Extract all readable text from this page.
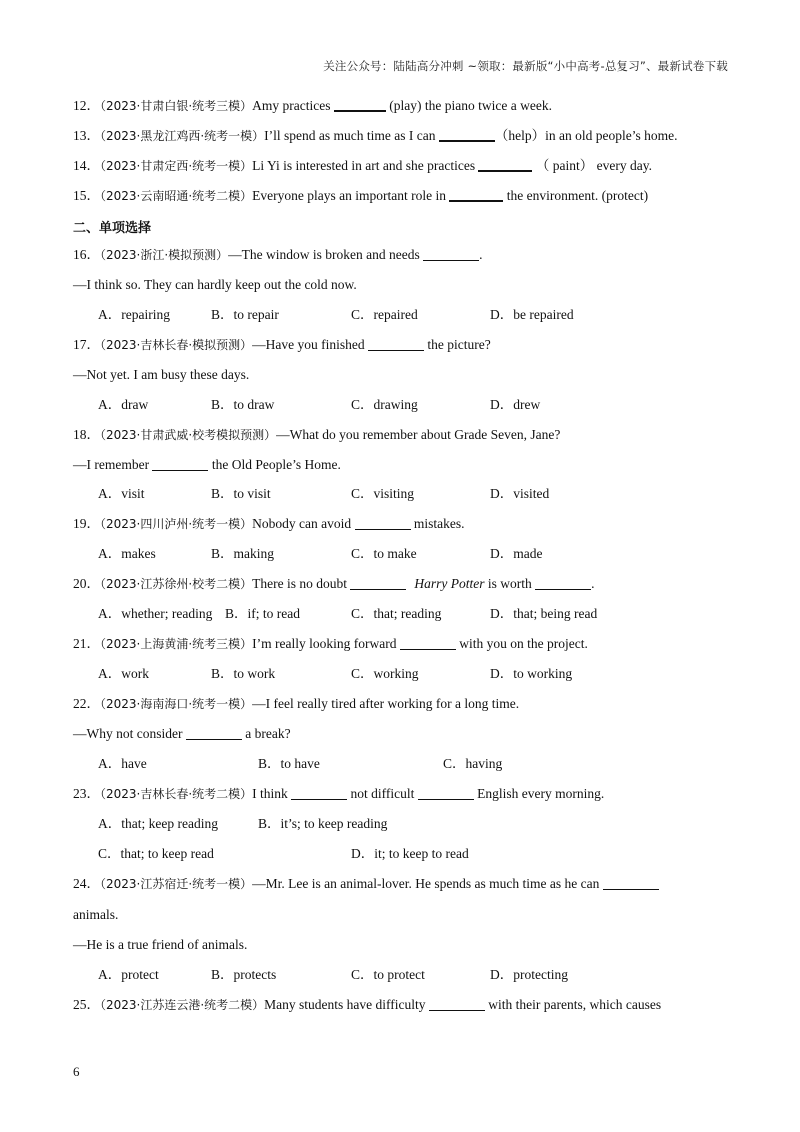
关注公众号：陆陆高分冲刺 ~领取：最新版“小中高考-总复习”、最新试卷下载
12．（2023·甘肃白银·统考三模）Amy practices	(play) the piano twice a week.
13．（2023·黑龙江鸡西·统考一模）I’ll spend as much time as I can	（help）in an old people’s home.
14．（2023·甘肃定西·统考一模）Li Yi is interested in art and she practices	（ paint） every day.
15．（2023·云南昭通·统考二模）Everyone plays an important role in	the environment. (protect)
二、单项选择
16．（2023·浙江·模拟预测）—The window is broken and needs	.
—I think so. They can hardly keep out the cold now.
A．repairing	B．to repair	C．repaired	D．be repaired
17．（2023·吉林长春·模拟预测）—Have you finished	the picture?
—Not yet. I am busy these days.
A．draw	B．to draw	C．drawing	D．drew
18．（2023·甘肃武威·校考模拟预测）—What do you remember about Grade Seven, Jane?
—I remember	the Old People’s Home.
A．visit	B．to visit	C．visiting	D．visited
19．（2023·四川泸州·统考一模）Nobody can avoid	mistakes.
A．makes	B．making	C．to make	D．made
20．（2023·江苏徐州·校考二模）There is no doubt	Harry Potter is worth	.
A．whether; reading B．if; to read	C．that; reading	D．that; being read
21．（2023·上海黄浦·统考三模）I’m really looking forward	with you on the project.
A．work	B．to work	C．working	D．to working
22．（2023·海南海口·统考一模）—I feel really tired after working for a long time.
—Why not consider	a break?
A．have	B．to have	C．having
23．（2023·吉林长春·统考二模）I think	not difficult	English every morning.
A．that; keep reading	B．it’s; to keep reading
C．that; to keep read	D．it; to keep to read
24．（2023·江苏宿迁·统考一模）—Mr. Lee is an animal-lover. He spends as much time as he can
animals.
—He is a true friend of animals.
A．protect	B．protects	C．to protect	D．protecting
25．（2023·江苏连云港·统考二模）Many students have difficulty	with their parents, which causes
6
